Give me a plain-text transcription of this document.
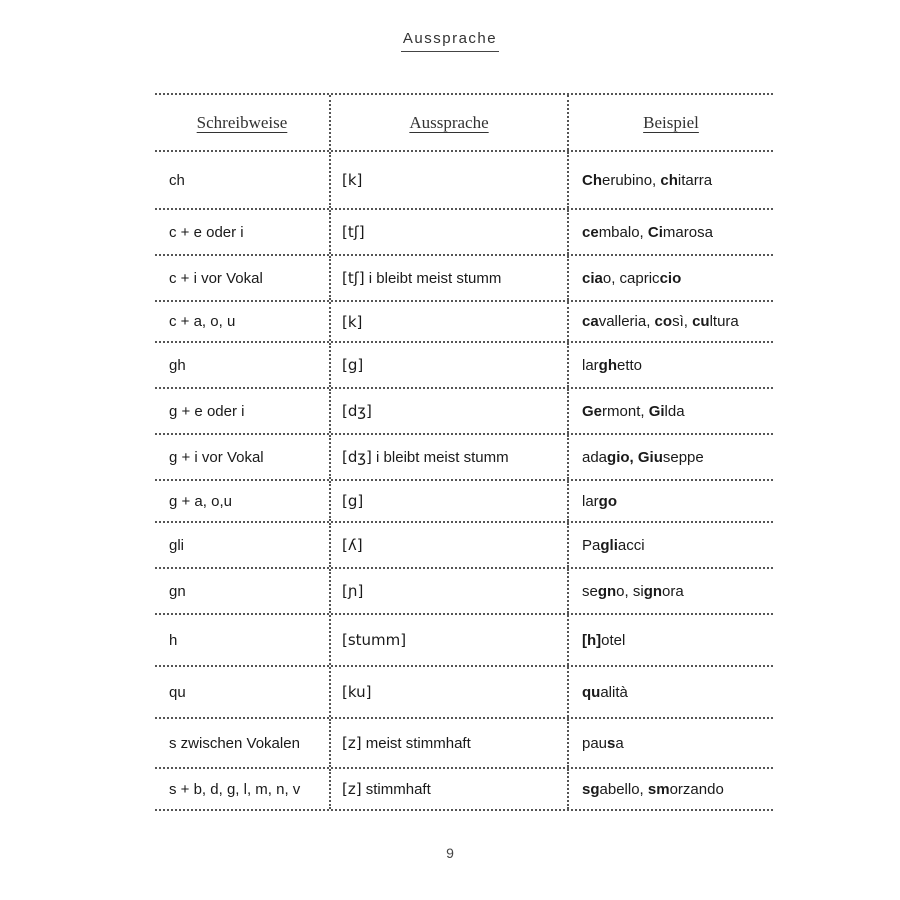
Aussprache
Schreibweise	Aussprache	Beispiel
ch	[k]	Cherubino, chitarra
c + e oder i	[tʃ]	cembalo, Cimarosa
c + i vor Vokal	[tʃ] i bleibt meist stumm	ciao, capriccio
c + a, o, u	[k]	cavalleria, così, cultura
gh	[g]	larghetto
g + e oder i	[dʒ]	Germont, Gilda
g + i vor Vokal	[dʒ] i bleibt meist stumm	adagio, Giuseppe
g + a, o,u	[g]	largo
gli	[ʎ]	Pagliacci
gn	[ɲ]	segno, signora
h	[stumm]	[h]otel
qu	[ku]	qualità
s zwischen Vokalen	[z] meist stimmhaft	pausa
s + b, d, g, l, m, n, v	[z] stimmhaft	sgabello, smorzando
9
